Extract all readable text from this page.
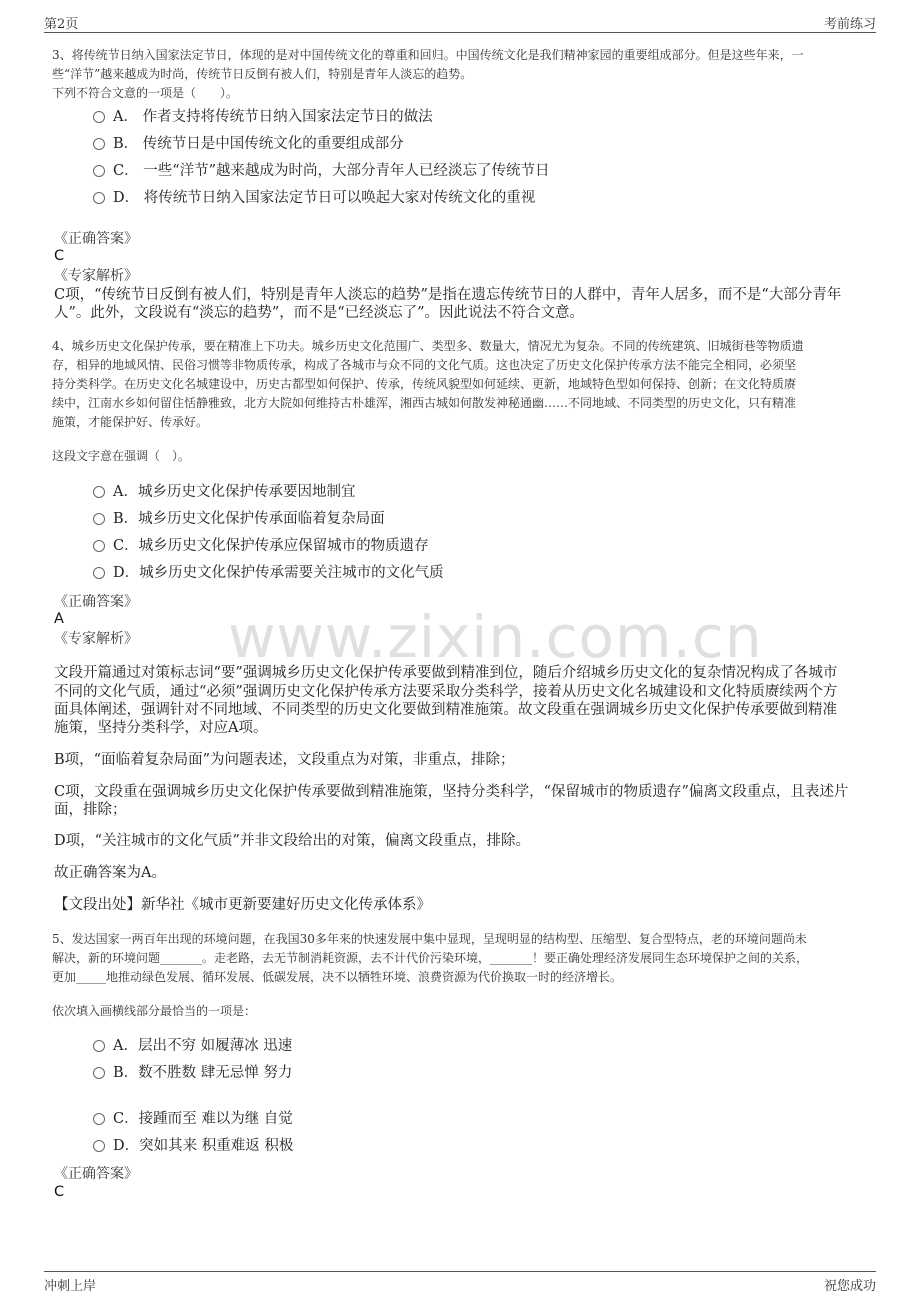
第2页	考前练习
www.zixin.com.cn
3、将传统节日纳入国家法定节日，体现的是对中国传统文化的尊重和回归。中国传统文化是我们精神家园的重要组成部分。但是这些年来，一
些“洋节”越来越成为时尚，传统节日反倒有被人们，特别是青年人淡忘的趋势。
下列不符合文意的一项是（　　）。
A． 作者支持将传统节日纳入国家法定节日的做法
B． 传统节日是中国传统文化的重要组成部分
C． 一些“洋节”越来越成为时尚，大部分青年人已经淡忘了传统节日
D． 将传统节日纳入国家法定节日可以唤起大家对传统文化的重视
《正确答案》
C
《专家解析》
C项，“传统节日反倒有被人们，特别是青年人淡忘的趋势”是指在遗忘传统节日的人群中，青年人居多，而不是“大部分青年
人”。此外，文段说有“淡忘的趋势”，而不是“已经淡忘了”。因此说法不符合文意。
4、城乡历史文化保护传承，要在精准上下功夫。城乡历史文化范围广、类型多、数量大，情况尤为复杂。不同的传统建筑、旧城街巷等物质遗
存，相异的地域风情、民俗习惯等非物质传承，构成了各城市与众不同的文化气质。这也决定了历史文化保护传承方法不能完全相同，必须坚
持分类科学。在历史文化名城建设中，历史古都型如何保护、传承，传统风貌型如何延续、更新，地域特色型如何保持、创新；在文化特质赓
续中，江南水乡如何留住恬静雅致，北方大院如何维持古朴雄浑，湘西古城如何散发神秘通幽……不同地域、不同类型的历史文化，只有精准
施策，才能保护好、传承好。
这段文字意在强调（　）。
A．城乡历史文化保护传承要因地制宜
B．城乡历史文化保护传承面临着复杂局面
C．城乡历史文化保护传承应保留城市的物质遗存
D．城乡历史文化保护传承需要关注城市的文化气质
《正确答案》
A
《专家解析》
文段开篇通过对策标志词“要”强调城乡历史文化保护传承要做到精准到位，随后介绍城乡历史文化的复杂情况构成了各城市
不同的文化气质，通过“必须”强调历史文化保护传承方法要采取分类科学，接着从历史文化名城建设和文化特质赓续两个方
面具体阐述，强调针对不同地域、不同类型的历史文化要做到精准施策。故文段重在强调城乡历史文化保护传承要做到精准
施策，坚持分类科学，对应A项。
B项，“面临着复杂局面”为问题表述，文段重点为对策，非重点，排除；
C项，文段重在强调城乡历史文化保护传承要做到精准施策，坚持分类科学，“保留城市的物质遗存”偏离文段重点，且表述片
面，排除；
D项，“关注城市的文化气质”并非文段给出的对策，偏离文段重点，排除。
故正确答案为A。
【文段出处】新华社《城市更新要建好历史文化传承体系》
5、发达国家一两百年出现的环境问题，在我国30多年来的快速发展中集中显现，呈现明显的结构型、压缩型、复合型特点，老的环境问题尚未
解决，新的环境问题_______。走老路，去无节制消耗资源，去不计代价污染环境，_______！要正确处理经济发展同生态环境保护之间的关系，
更加_____地推动绿色发展、循环发展、低碳发展，决不以牺牲环境、浪费资源为代价换取一时的经济增长。
依次填入画横线部分最恰当的一项是：
A．层出不穷 如履薄冰 迅速
B．数不胜数 肆无忌惮 努力
C．接踵而至 难以为继 自觉
D．突如其来 积重难返 积极
《正确答案》
C
冲刺上岸	祝您成功
